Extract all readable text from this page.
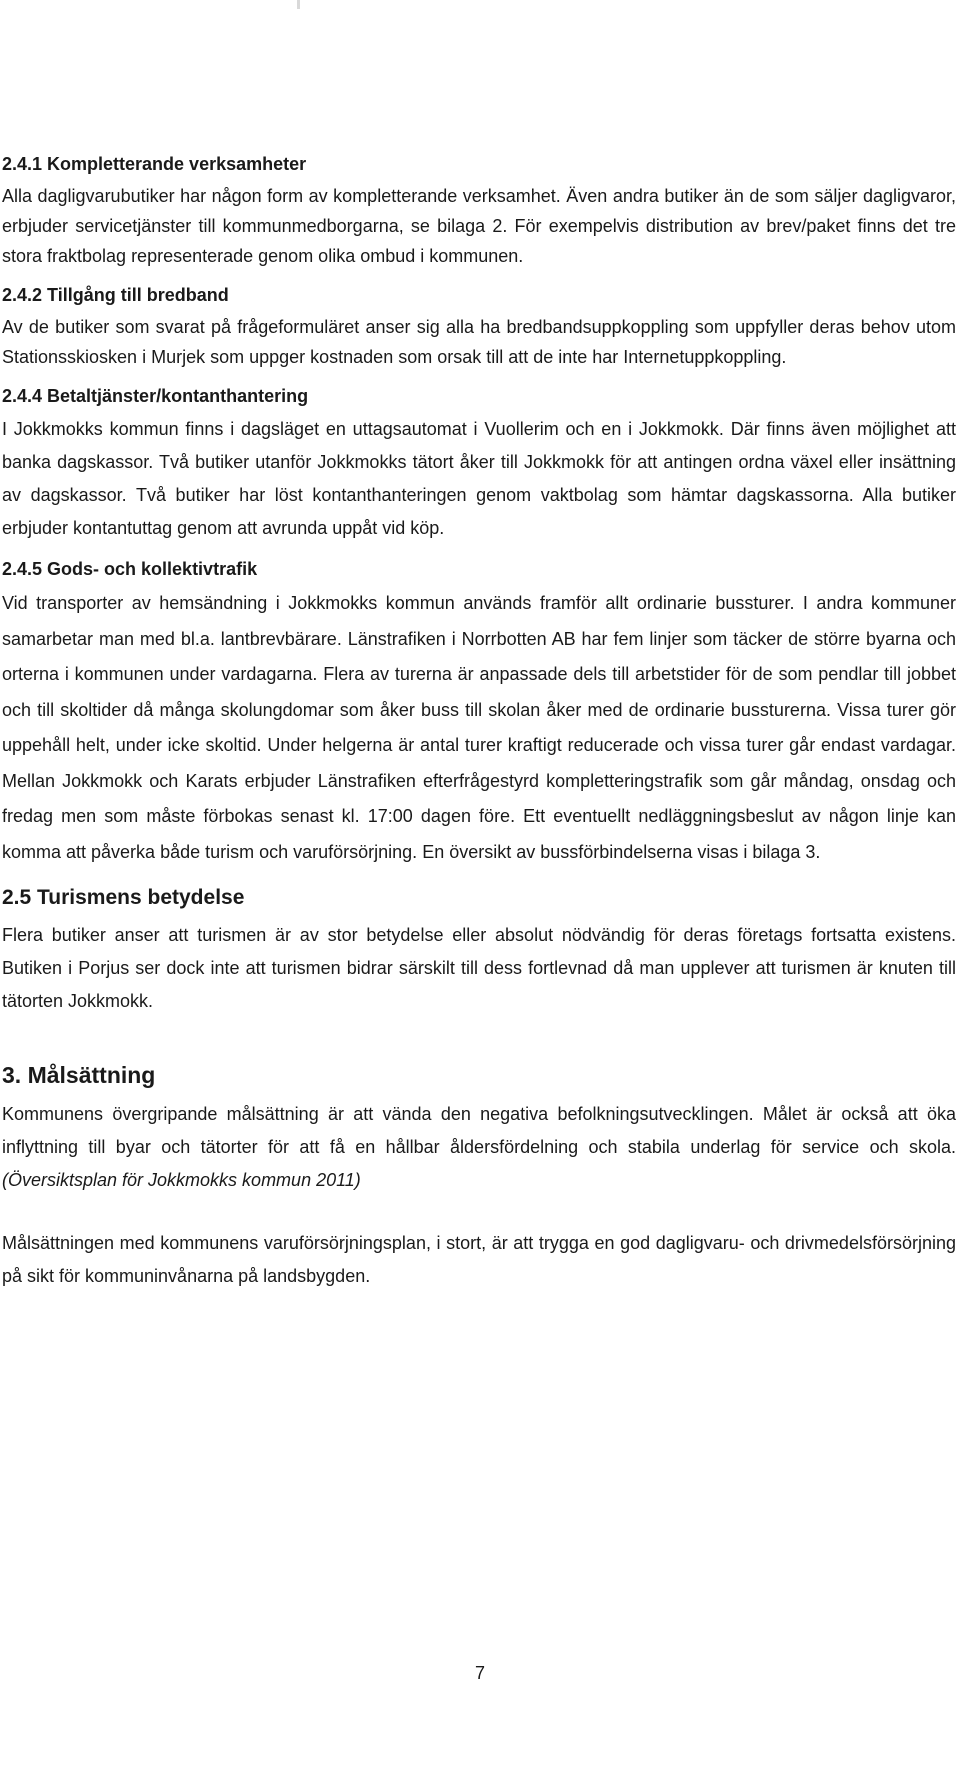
2.4.1 Kompletterande verksamheter

Alla dagligvarubutiker har någon form av kompletterande verksamhet. Även andra butiker än de som säljer dagligvaror, erbjuder servicetjänster till kommunmedborgarna, se bilaga 2. För exempelvis distribution av brev/paket finns det tre stora fraktbolag representerade genom olika ombud i kommunen.

2.4.2 Tillgång till bredband

Av de butiker som svarat på frågeformuläret anser sig alla ha bredbandsuppkoppling som uppfyller deras behov utom Stationsskiosken i Murjek som uppger kostnaden som orsak till att de inte har Internetuppkoppling.

2.4.4 Betaltjänster/kontanthantering

I Jokkmokks kommun finns i dagsläget en uttagsautomat i Vuollerim och en i Jokkmokk. Där finns även möjlighet att banka dagskassor. Två butiker utanför Jokkmokks tätort åker till Jokkmokk för att antingen ordna växel eller insättning av dagskassor. Två butiker har löst kontanthanteringen genom vaktbolag som hämtar dagskassorna. Alla butiker erbjuder kontantuttag genom att avrunda uppåt vid köp.

2.4.5 Gods- och kollektivtrafik

Vid transporter av hemsändning i Jokkmokks kommun används framför allt ordinarie bussturer. I andra kommuner samarbetar man med bl.a. lantbrevbärare. Länstrafiken i Norrbotten AB har fem linjer som täcker de större byarna och orterna i kommunen under vardagarna. Flera av turerna är anpassade dels till arbetstider för de som pendlar till jobbet och till skoltider då många skolungdomar som åker buss till skolan åker med de ordinarie bussturerna. Vissa turer gör uppehåll helt, under icke skoltid. Under helgerna är antal turer kraftigt reducerade och vissa turer går endast vardagar. Mellan Jokkmokk och Karats erbjuder Länstrafiken efterfrågestyrd kompletteringstrafik som går måndag, onsdag och fredag men som måste förbokas senast kl. 17:00 dagen före. Ett eventuellt nedläggningsbeslut av någon linje kan komma att påverka både turism och varuförsörjning. En översikt av bussförbindelserna visas i bilaga 3.

2.5 Turismens betydelse

Flera butiker anser att turismen är av stor betydelse eller absolut nödvändig för deras företags fortsatta existens. Butiken i Porjus ser dock inte att turismen bidrar särskilt till dess fortlevnad då man upplever att turismen är knuten till tätorten Jokkmokk.

3. Målsättning

Kommunens övergripande målsättning är att vända den negativa befolkningsutvecklingen. Målet är också att öka inflyttning till byar och tätorter för att få en hållbar åldersfördelning och stabila underlag för service och skola. (Översiktsplan för Jokkmokks kommun 2011)

Målsättningen med kommunens varuförsörjningsplan, i stort, är att trygga en god dagligvaru- och drivmedelsförsörjning på sikt för kommuninvånarna på landsbygden.

7
